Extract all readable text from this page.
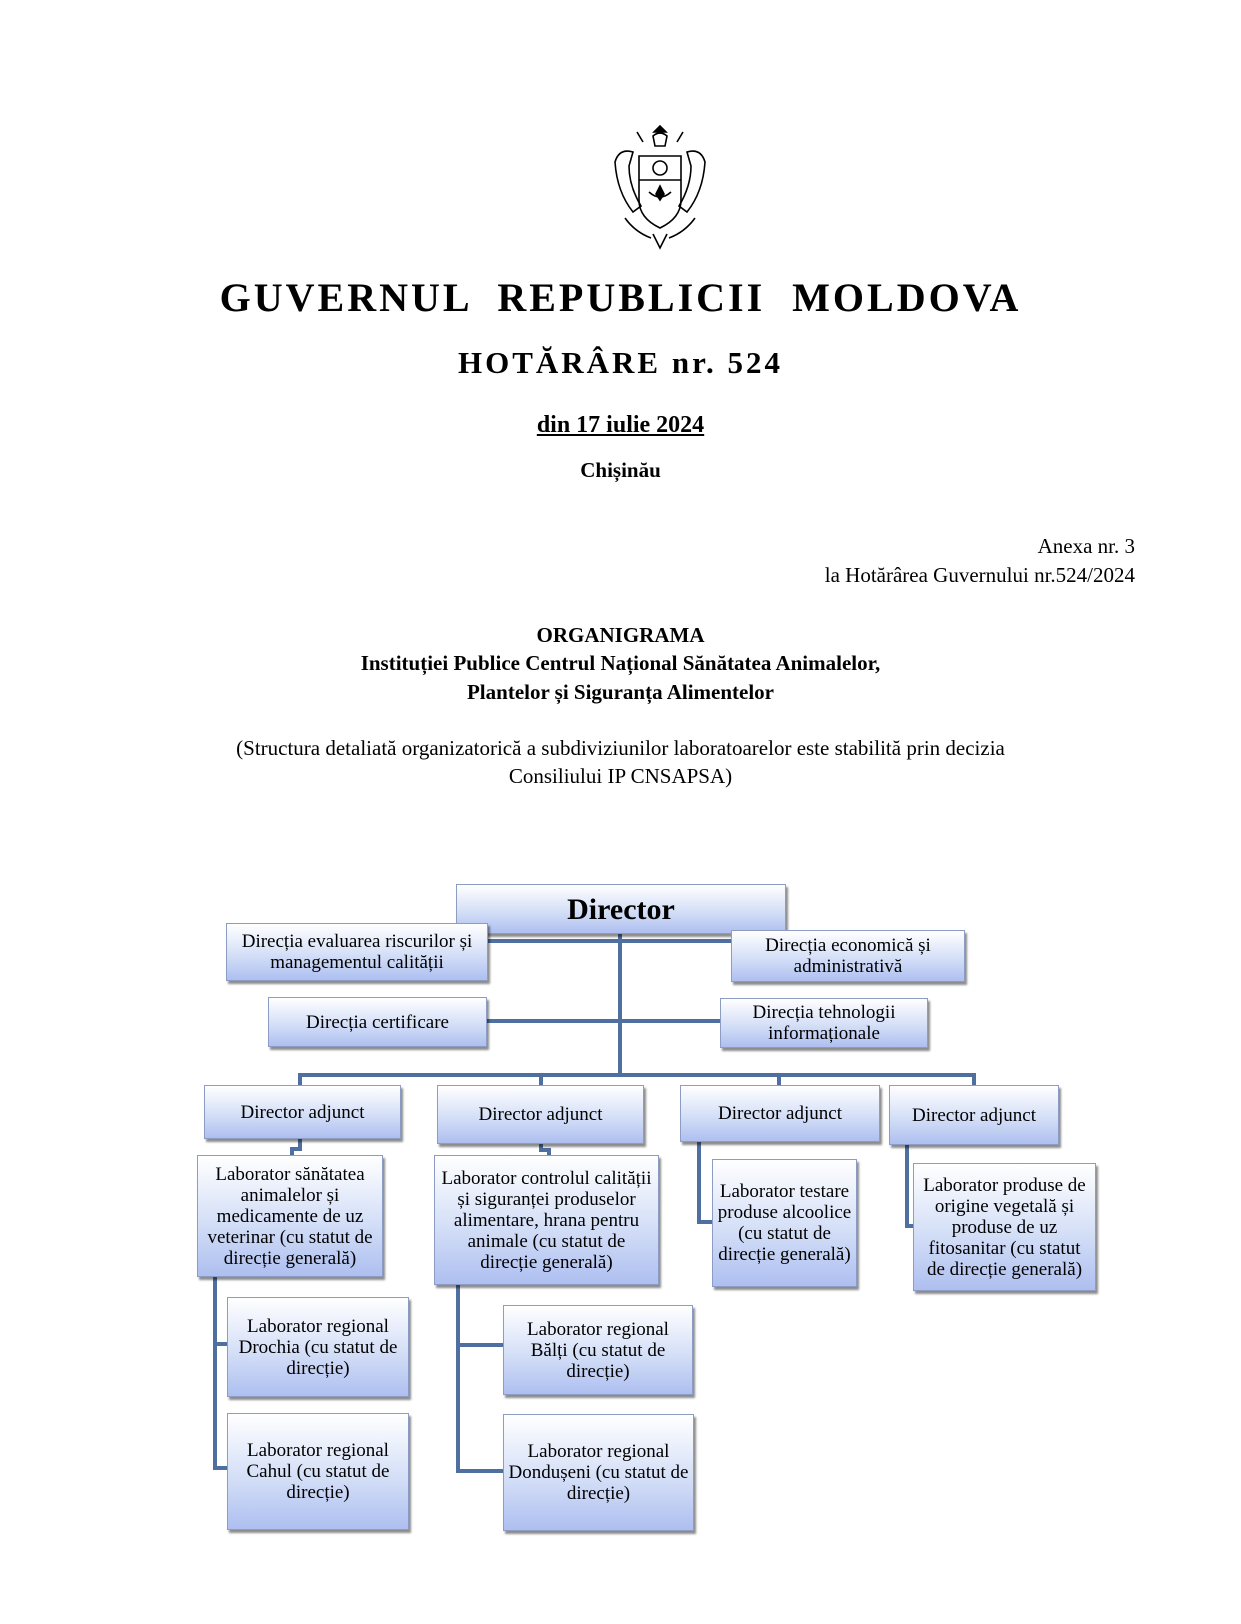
GUVERNUL REPUBLICII MOLDOVA
HOTĂRÂRE nr. 524
din 17 iulie 2024
Chișinău
Anexa nr. 3
la Hotărârea Guvernului nr.524/2024
ORGANIGRAMA
Instituției Publice Centrul Național Sănătatea Animalelor,
Plantelor și Siguranța Alimentelor
(Structura detaliată organizatorică a subdiviziunilor laboratoarelor este stabilită prin decizia
Consiliului IP CNSAPSA)
Director
Direcția evaluarea riscurilor și managementul calității
Direcția economică și administrativă
Direcția certificare	Direcția tehnologii informaționale
Director adjunct	Director adjunct	Director adjunct	Director adjunct
Laborator sănătatea animalelor și medicamente de uz veterinar (cu statut de direcție generală)
Laborator controlul calității și siguranței produselor alimentare, hrana pentru animale (cu statut de direcție generală)
Laborator testare produse alcoolice (cu statut de direcție generală)
Laborator produse de origine vegetală și produse de uz fitosanitar (cu statut de direcție generală)
Laborator regional Drochia (cu statut de direcție)
Laborator regional Cahul (cu statut de direcție)
Laborator regional Bălți (cu statut de direcție)
Laborator regional Dondușeni (cu statut de direcție)
